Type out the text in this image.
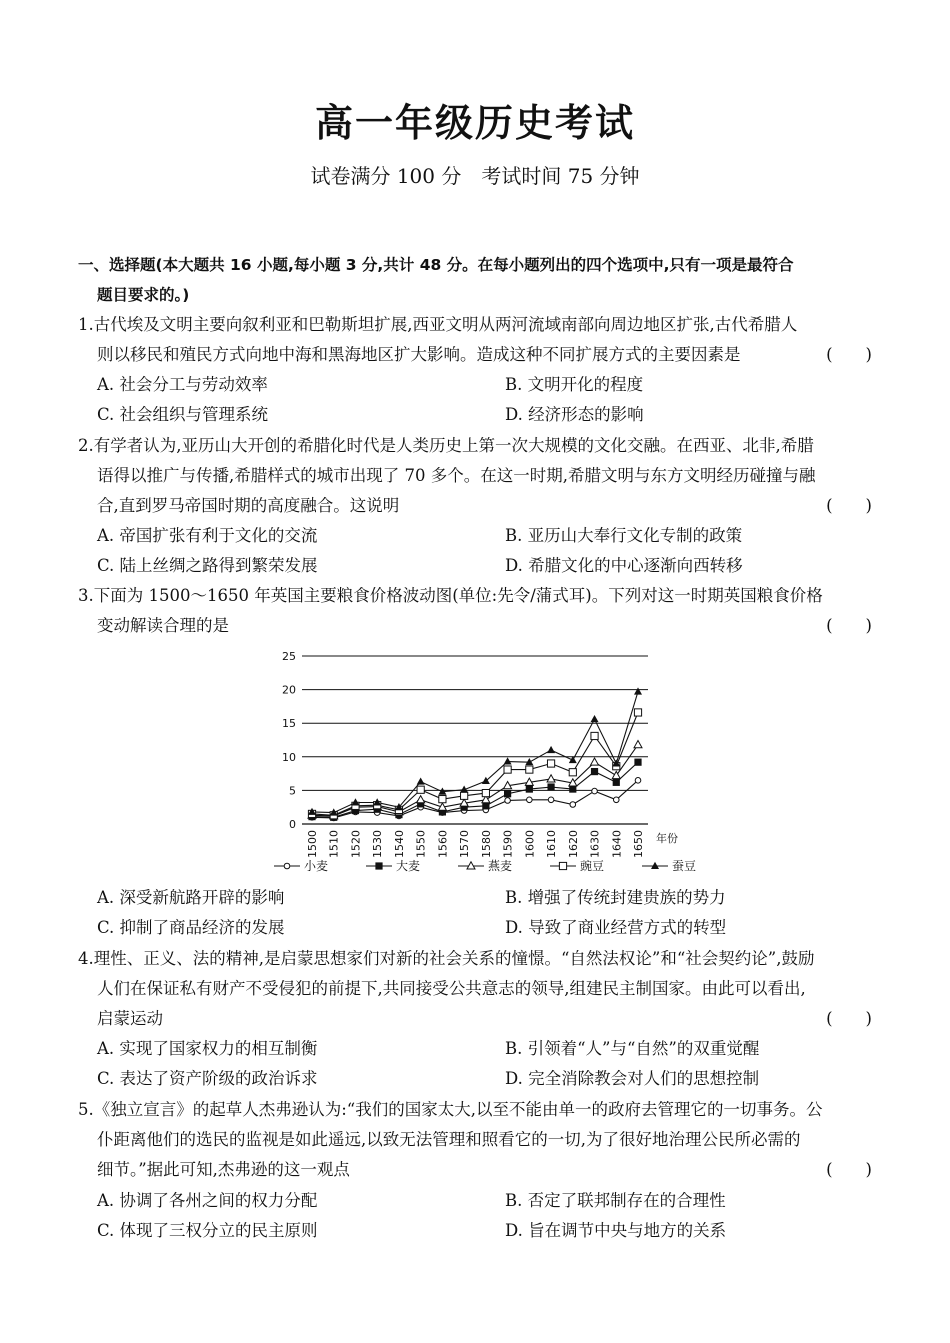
高一年级历史考试
试卷满分 100 分　考试时间 75 分钟
一、选择题(本大题共 16 小题,每小题 3 分,共计 48 分。在每小题列出的四个选项中,只有一项是最符合
题目要求的。)
1.古代埃及文明主要向叙利亚和巴勒斯坦扩展,西亚文明从两河流域南部向周边地区扩张,古代希腊人
则以移民和殖民方式向地中海和黑海地区扩大影响。造成这种不同扩展方式的主要因素是	(　　)
A. 社会分工与劳动效率	B. 文明开化的程度
C. 社会组织与管理系统	D. 经济形态的影响
2.有学者认为,亚历山大开创的希腊化时代是人类历史上第一次大规模的文化交融。在西亚、北非,希腊
语得以推广与传播,希腊样式的城市出现了 70 多个。在这一时期,希腊文明与东方文明经历碰撞与融
合,直到罗马帝国时期的高度融合。这说明	(　　)
A. 帝国扩张有利于文化的交流	B. 亚历山大奉行文化专制的政策
C. 陆上丝绸之路得到繁荣发展	D. 希腊文化的中心逐渐向西转移
3.下面为 1500～1650 年英国主要粮食价格波动图(单位:先令/蒲式耳)。下列对这一时期英国粮食价格
变动解读合理的是	(　　)
0
5
10
15
20
25
1500 1510 1520 1530 1540 1550 1560 1570 1580 1590 1600 1610 1620 1630 1640 1650 年份
小麦	大麦	燕麦	豌豆	蚕豆
A. 深受新航路开辟的影响	B. 增强了传统封建贵族的势力
C. 抑制了商品经济的发展	D. 导致了商业经营方式的转型
4.理性、正义、法的精神,是启蒙思想家们对新的社会关系的憧憬。“自然法权论”和“社会契约论”,鼓励
人们在保证私有财产不受侵犯的前提下,共同接受公共意志的领导,组建民主制国家。由此可以看出,
启蒙运动	(　　)
A. 实现了国家权力的相互制衡	B. 引领着“人”与“自然”的双重觉醒
C. 表达了资产阶级的政治诉求	D. 完全消除教会对人们的思想控制
5.《独立宣言》的起草人杰弗逊认为:“我们的国家太大,以至不能由单一的政府去管理它的一切事务。公
仆距离他们的选民的监视是如此遥远,以致无法管理和照看它的一切,为了很好地治理公民所必需的
细节。”据此可知,杰弗逊的这一观点	(　　)
A. 协调了各州之间的权力分配	B. 否定了联邦制存在的合理性
C. 体现了三权分立的民主原则	D. 旨在调节中央与地方的关系
